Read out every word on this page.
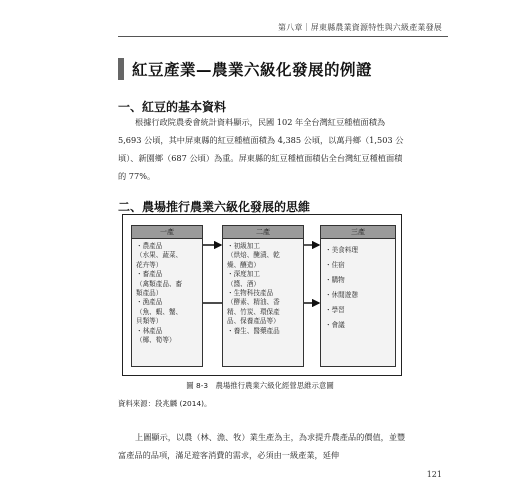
第八章｜屏東縣農業資源特性與六級產業發展
紅豆產業—農業六級化發展的例證
一、紅豆的基本資料
根據行政院農委會統計資料顯示，民國 102 年全台灣紅豆種植面積為 5,693 公頃，其中屏東縣的紅豆種植面積為 4,385 公頃，以萬丹鄉（1,503 公頃）、新園鄉（687 公頃）為重。屏東縣的紅豆種植面積佔全台灣紅豆種植面積的 77%。
二、農場推行農業六級化發展的思維
一產
・農產品
（水果、蔬菜、
花卉等）
・畜產品
（禽類產品、畜
類產品）
・漁產品
（魚、蝦、蟹、
貝類等）
・林產品
（椰、筍等）
二產
・初級加工
（烘焙、醃漬、乾
燥、釀造）
・深度加工
（醬、酒）
・生物科技產品
（酵素、精油、香
精、竹炭、環保產
品、保養產品等）
・養生、醫藥產品
三產
・美食料理
・住宿
・購物
・休閒遊憩
・學習
・會議
圖 8-3　農場推行農業六級化經營思維示意圖
資料來源：段兆麟 (2014)。
上圖顯示，以農（林、漁、牧）業生產為主，為求提升農產品的價值，並豐富產品的品項，滿足遊客消費的需求，必須由一級產業，延伸
121
